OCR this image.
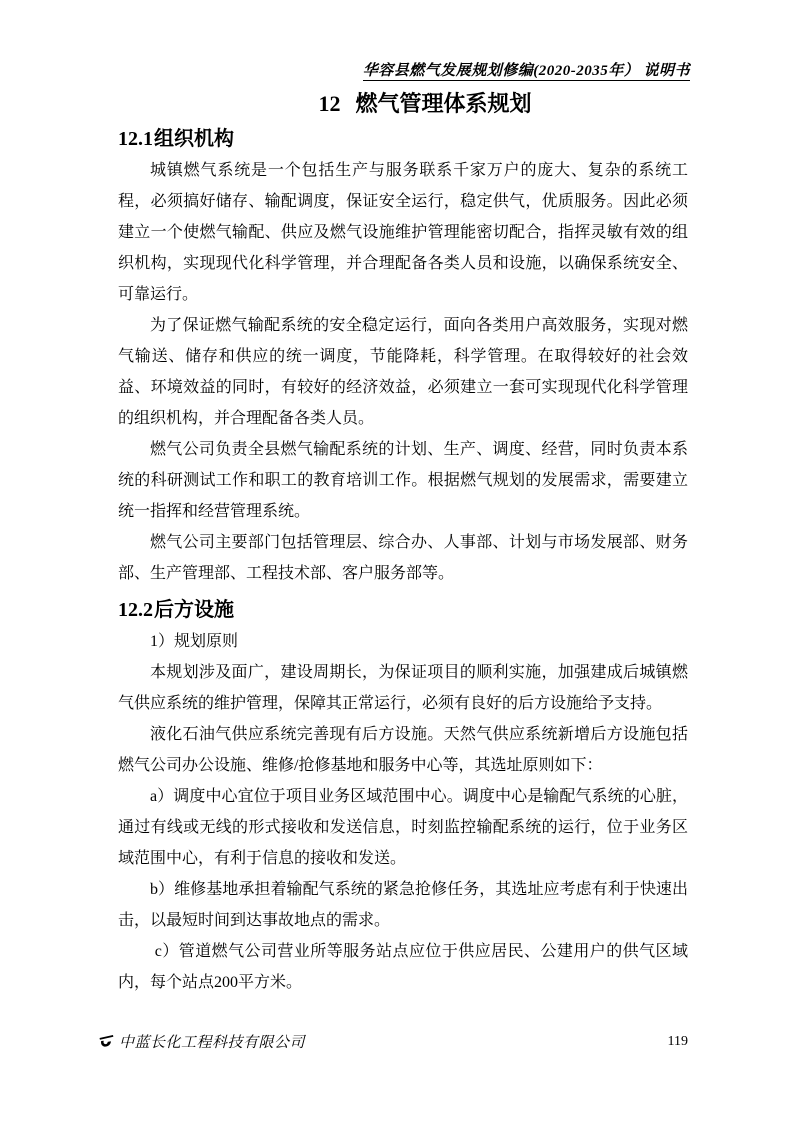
华容县燃气发展规划修编(2020-2035年） 说明书
12 燃气管理体系规划
12.1组织机构

城镇燃气系统是一个包括生产与服务联系千家万户的庞大、复杂的系统工程，必须搞好储存、输配调度，保证安全运行，稳定供气，优质服务。因此必须建立一个使燃气输配、供应及燃气设施维护管理能密切配合，指挥灵敏有效的组织机构，实现现代化科学管理，并合理配备各类人员和设施，以确保系统安全、可靠运行。

为了保证燃气输配系统的安全稳定运行，面向各类用户高效服务，实现对燃气输送、储存和供应的统一调度，节能降耗，科学管理。在取得较好的社会效益、环境效益的同时，有较好的经济效益，必须建立一套可实现现代化科学管理的组织机构，并合理配备各类人员。

燃气公司负责全县燃气输配系统的计划、生产、调度、经营，同时负责本系统的科研测试工作和职工的教育培训工作。根据燃气规划的发展需求，需要建立统一指挥和经营管理系统。

燃气公司主要部门包括管理层、综合办、人事部、计划与市场发展部、财务部、生产管理部、工程技术部、客户服务部等。

12.2后方设施
1）规划原则

本规划涉及面广，建设周期长，为保证项目的顺利实施，加强建成后城镇燃气供应系统的维护管理，保障其正常运行，必须有良好的后方设施给予支持。

液化石油气供应系统完善现有后方设施。天然气供应系统新增后方设施包括燃气公司办公设施、维修/抢修基地和服务中心等，其选址原则如下：

a）调度中心宜位于项目业务区域范围中心。调度中心是输配气系统的心脏，通过有线或无线的形式接收和发送信息，时刻监控输配系统的运行，位于业务区域范围中心，有利于信息的接收和发送。

b）维修基地承担着输配气系统的紧急抢修任务，其选址应考虑有利于快速出击，以最短时间到达事故地点的需求。

c）管道燃气公司营业所等服务站点应位于供应居民、公建用户的供气区域内，每个站点200平方米。

中蓝长化工程科技有限公司	119
